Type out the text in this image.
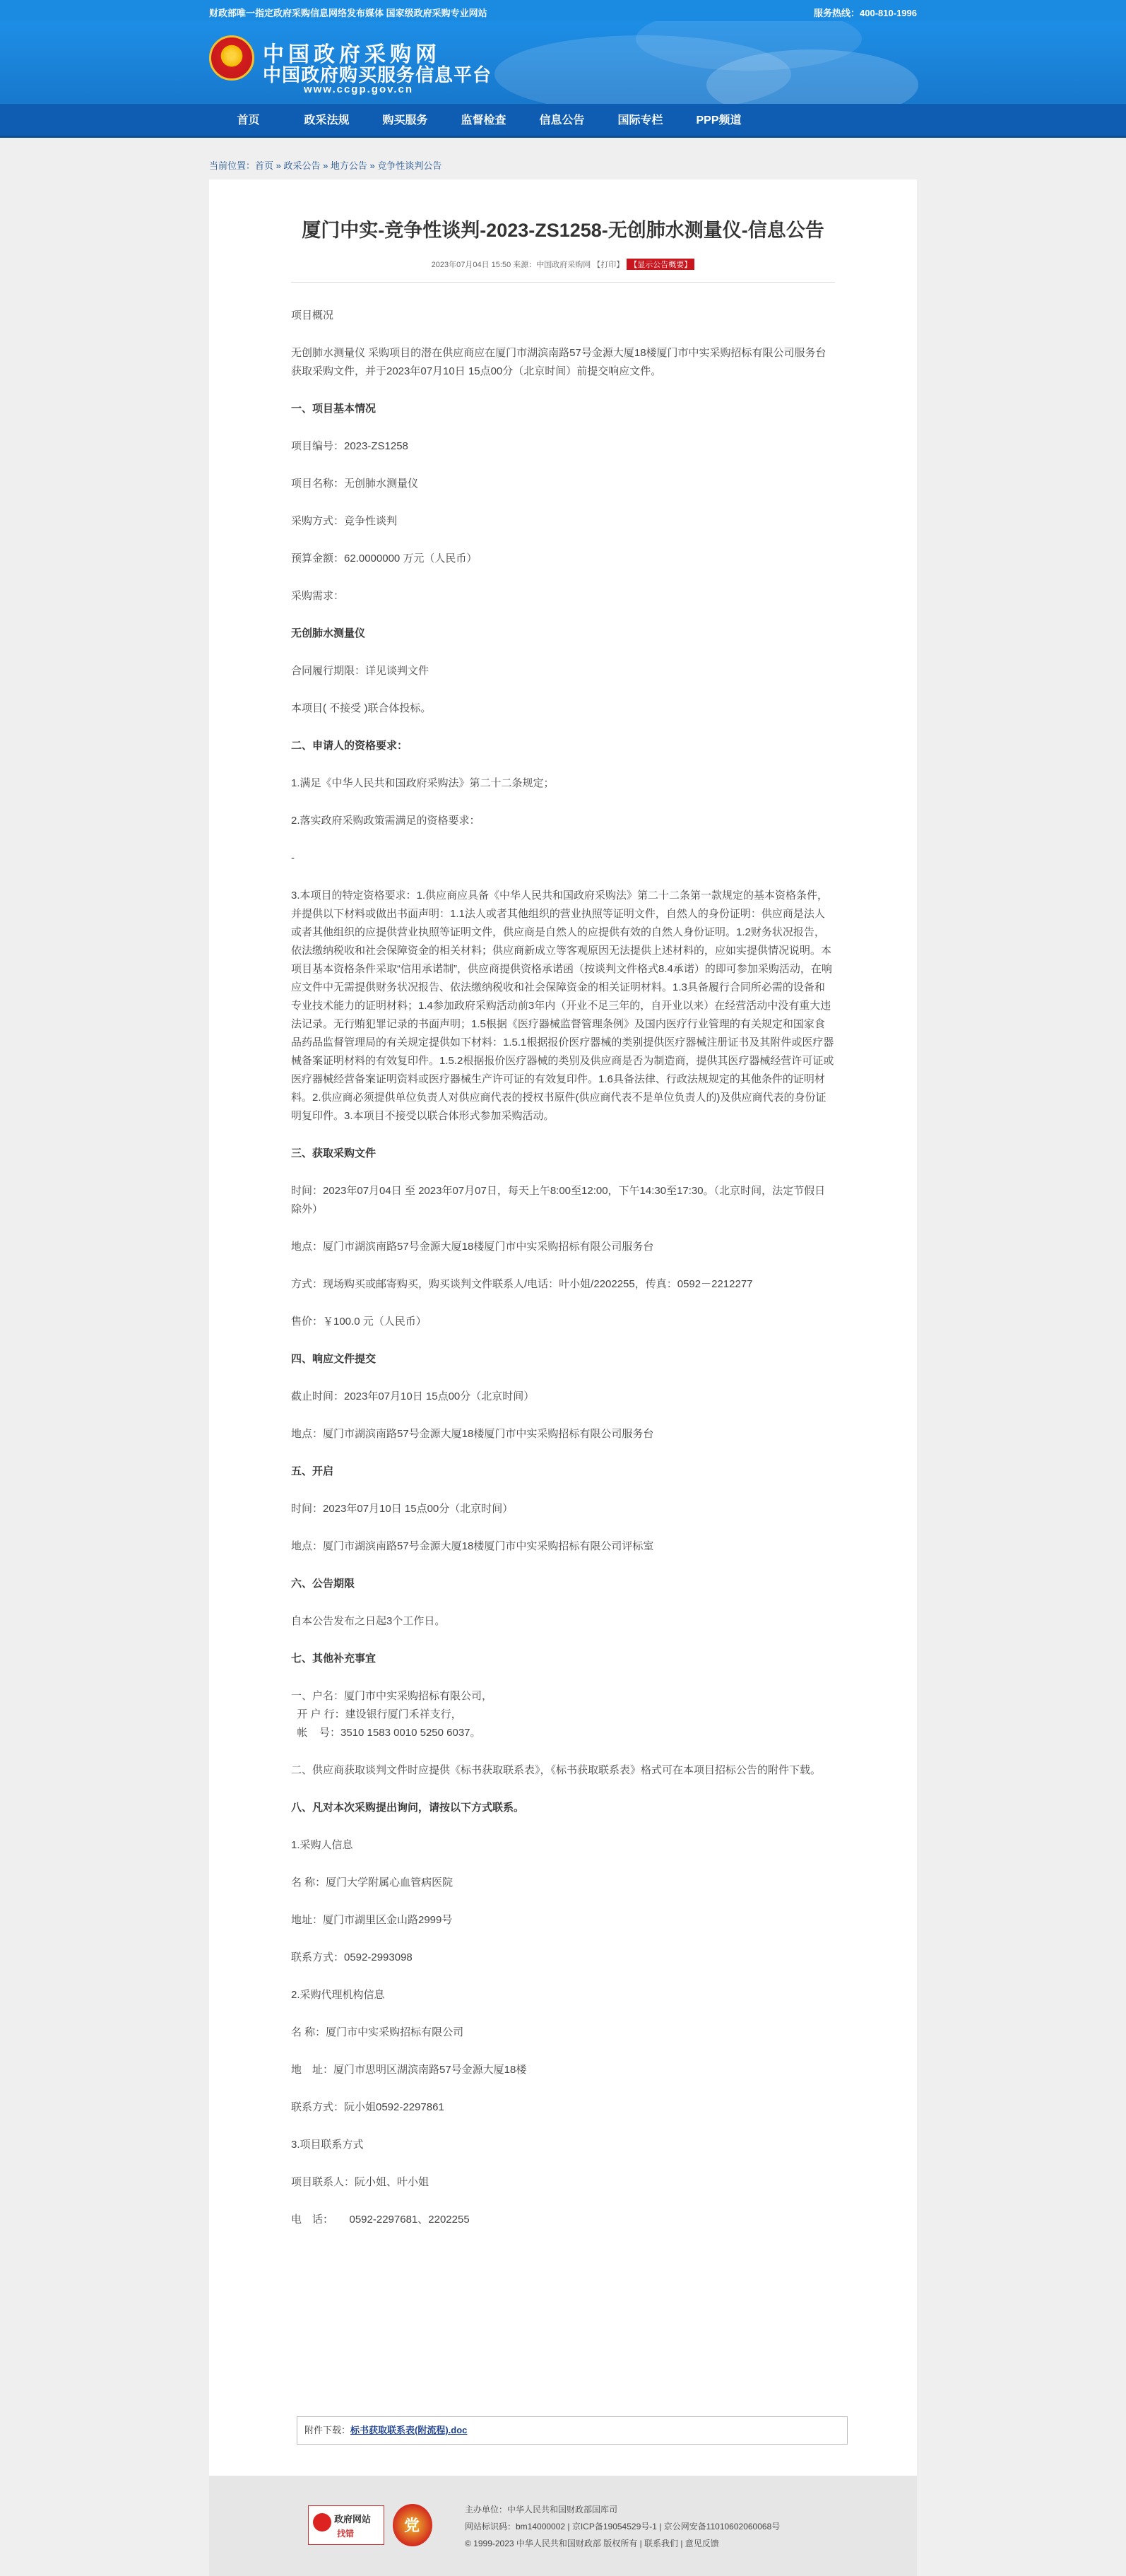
财政部唯一指定政府采购信息网络发布媒体 国家级政府采购专业网站	服务热线：400-810-1996
★ 中国政府采购网
中国政府购买服务信息平台
www.ccgp.gov.cn
首页	政采法规	购买服务	监督检查	信息公告	国际专栏	PPP频道
当前位置：首页 » 政采公告 » 地方公告 » 竞争性谈判公告
厦门中实-竞争性谈判-2023-ZS1258-无创肺水测量仪-信息公告
2023年07月04日 15:50 来源：中国政府采购网 【打印】 【显示公告概要】
项目概况
无创肺水测量仪 采购项目的潜在供应商应在厦门市湖滨南路57号金源大厦18楼厦门市中实采购招标有限公司服务台获取采购文件，并于2023年07月10日 15点00分（北京时间）前提交响应文件。
一、项目基本情况
项目编号：2023-ZS1258
项目名称：无创肺水测量仪
采购方式：竞争性谈判
预算金额：62.0000000 万元（人民币）
采购需求：
无创肺水测量仪
合同履行期限：详见谈判文件
本项目( 不接受 )联合体投标。
二、申请人的资格要求：
1.满足《中华人民共和国政府采购法》第二十二条规定；
2.落实政府采购政策需满足的资格要求：
-
3.本项目的特定资格要求：1.供应商应具备《中华人民共和国政府采购法》第二十二条第一款规定的基本资格条件，并提供以下材料或做出书面声明：1.1法人或者其他组织的营业执照等证明文件，自然人的身份证明：供应商是法人或者其他组织的应提供营业执照等证明文件，供应商是自然人的应提供有效的自然人身份证明。1.2财务状况报告，依法缴纳税收和社会保障资金的相关材料；供应商新成立等客观原因无法提供上述材料的，应如实提供情况说明。本项目基本资格条件采取“信用承诺制”，供应商提供资格承诺函（按谈判文件格式8.4承诺）的即可参加采购活动，在响应文件中无需提供财务状况报告、依法缴纳税收和社会保障资金的相关证明材料。1.3具备履行合同所必需的设备和专业技术能力的证明材料；1.4参加政府采购活动前3年内（开业不足三年的，自开业以来）在经营活动中没有重大违法记录。无行贿犯罪记录的书面声明；1.5根据《医疗器械监督管理条例》及国内医疗行业管理的有关规定和国家食品药品监督管理局的有关规定提供如下材料：1.5.1根据报价医疗器械的类别提供医疗器械注册证书及其附件或医疗器械备案证明材料的有效复印件。1.5.2根据报价医疗器械的类别及供应商是否为制造商，提供其医疗器械经营许可证或医疗器械经营备案证明资料或医疗器械生产许可证的有效复印件。1.6具备法律、行政法规规定的其他条件的证明材料。2.供应商必须提供单位负责人对供应商代表的授权书原件(供应商代表不是单位负责人的)及供应商代表的身份证明复印件。3.本项目不接受以联合体形式参加采购活动。
三、获取采购文件
时间：2023年07月04日 至 2023年07月07日，每天上午8:00至12:00，下午14:30至17:30。（北京时间，法定节假日除外）
地点：厦门市湖滨南路57号金源大厦18楼厦门市中实采购招标有限公司服务台
方式：现场购买或邮寄购买，购买谈判文件联系人/电话：叶小姐/2202255，传真：0592－2212277
售价：￥100.0 元（人民币）
四、响应文件提交
截止时间：2023年07月10日 15点00分（北京时间）
地点：厦门市湖滨南路57号金源大厦18楼厦门市中实采购招标有限公司服务台
五、开启
时间：2023年07月10日 15点00分（北京时间）
地点：厦门市湖滨南路57号金源大厦18楼厦门市中实采购招标有限公司评标室
六、公告期限
自本公告发布之日起3个工作日。
七、其他补充事宜
一、户名：厦门市中实采购招标有限公司，
开 户 行：建设银行厦门禾祥支行，
帐    号：3510 1583 0010 5250 6037。
二、供应商获取谈判文件时应提供《标书获取联系表》，《标书获取联系表》格式可在本项目招标公告的附件下载。
八、凡对本次采购提出询问，请按以下方式联系。
1.采购人信息
名 称：厦门大学附属心血管病医院
地址：厦门市湖里区金山路2999号
联系方式：0592-2993098
2.采购代理机构信息
名 称：厦门市中实采购招标有限公司
地　址：厦门市思明区湖滨南路57号金源大厦18楼
联系方式：阮小姐0592-2297861
3.项目联系方式
项目联系人：阮小姐、叶小姐
电　话：　　0592-2297681、2202255
附件下载：标书获取联系表(附流程).doc
政府网站
找错	党
主办单位：中华人民共和国财政部国库司
网站标识码：bm14000002 | 京ICP备19054529号-1 | 京公网安备11010602060068号
© 1999-2023 中华人民共和国财政部 版权所有 | 联系我们 | 意见反馈
